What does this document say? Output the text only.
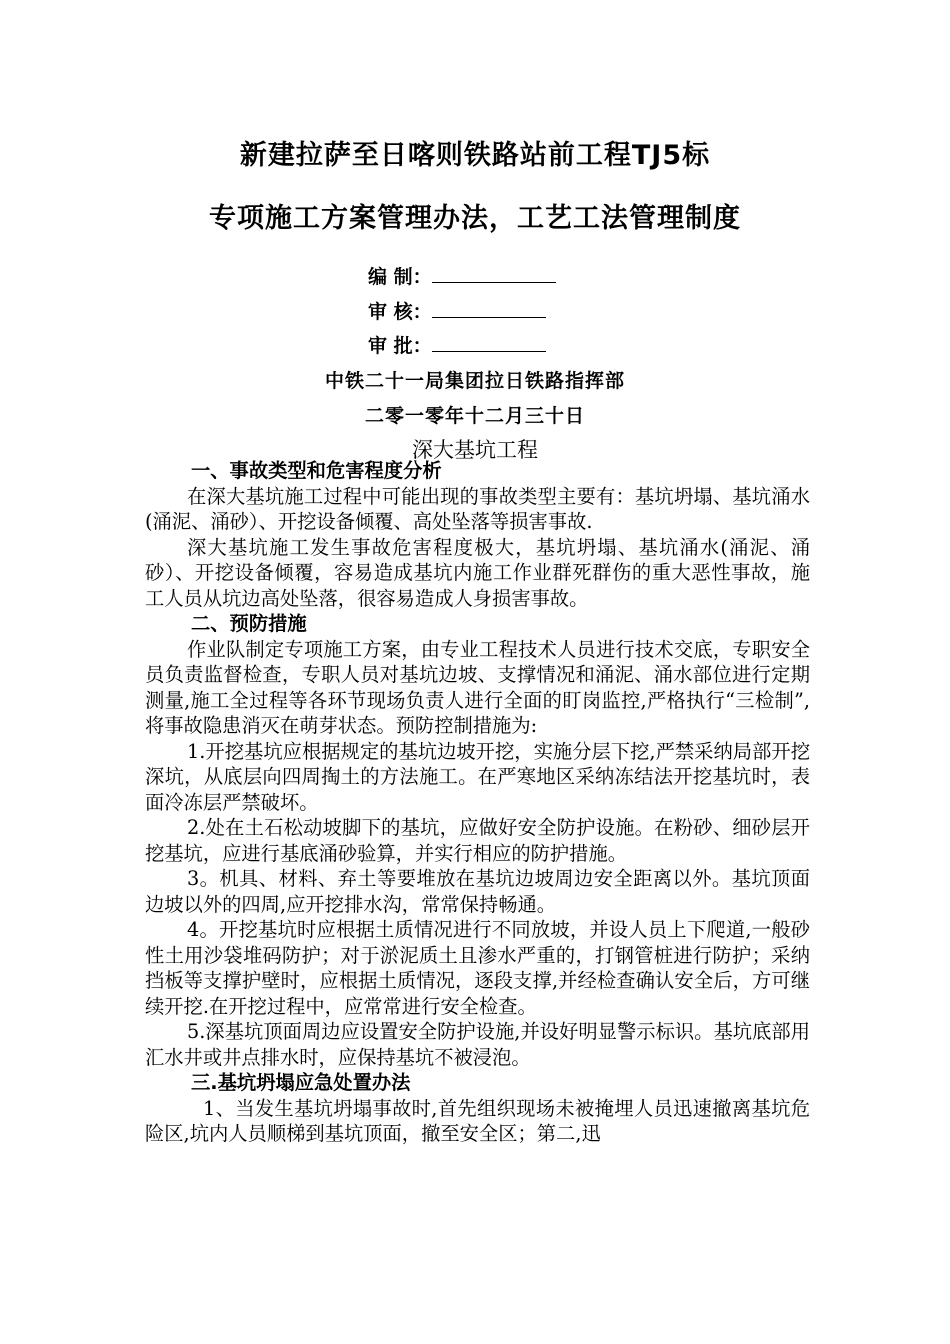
新建拉萨至日喀则铁路站前工程TJ5标
专项施工方案管理办法，工艺工法管理制度
编 制：
审 核：
审 批：
中铁二十一局集团拉日铁路指挥部
二零一零年十二月三十日
深大基坑工程

一、事故类型和危害程度分析

在深大基坑施工过程中可能出现的事故类型主要有：基坑坍塌、基坑涌水(涌泥、涌砂）、开挖设备倾覆、高处坠落等损害事故.

深大基坑施工发生事故危害程度极大，基坑坍塌、基坑涌水(涌泥、涌砂）、开挖设备倾覆，容易造成基坑内施工作业群死群伤的重大恶性事故，施工人员从坑边高处坠落，很容易造成人身损害事故。

二、预防措施

作业队制定专项施工方案，由专业工程技术人员进行技术交底，专职安全员负责监督检查，专职人员对基坑边坡、支撑情况和涌泥、涌水部位进行定期测量,施工全过程等各环节现场负责人进行全面的盯岗监控,严格执行“三检制”,将事故隐患消灭在萌芽状态。预防控制措施为:

1.开挖基坑应根据规定的基坑边坡开挖，实施分层下挖,严禁采纳局部开挖深坑，从底层向四周掏土的方法施工。在严寒地区采纳冻结法开挖基坑时，表面冷冻层严禁破坏。

2.处在土石松动坡脚下的基坑，应做好安全防护设施。在粉砂、细砂层开挖基坑，应进行基底涌砂验算，并实行相应的防护措施。

3。机具、材料、弃土等要堆放在基坑边坡周边安全距离以外。基坑顶面边坡以外的四周,应开挖排水沟，常常保持畅通。

4。开挖基坑时应根据土质情况进行不同放坡，并设人员上下爬道,一般砂性土用沙袋堆码防护；对于淤泥质土且渗水严重的，打钢管桩进行防护；采纳挡板等支撑护壁时，应根据土质情况，逐段支撑,并经检查确认安全后，方可继续开挖.在开挖过程中，应常常进行安全检查。

5.深基坑顶面周边应设置安全防护设施,并设好明显警示标识。基坑底部用汇水井或井点排水时，应保持基坑不被浸泡。

三.基坑坍塌应急处置办法

1、当发生基坑坍塌事故时,首先组织现场未被掩埋人员迅速撤离基坑危险区,坑内人员顺梯到基坑顶面，撤至安全区；第二,迅
